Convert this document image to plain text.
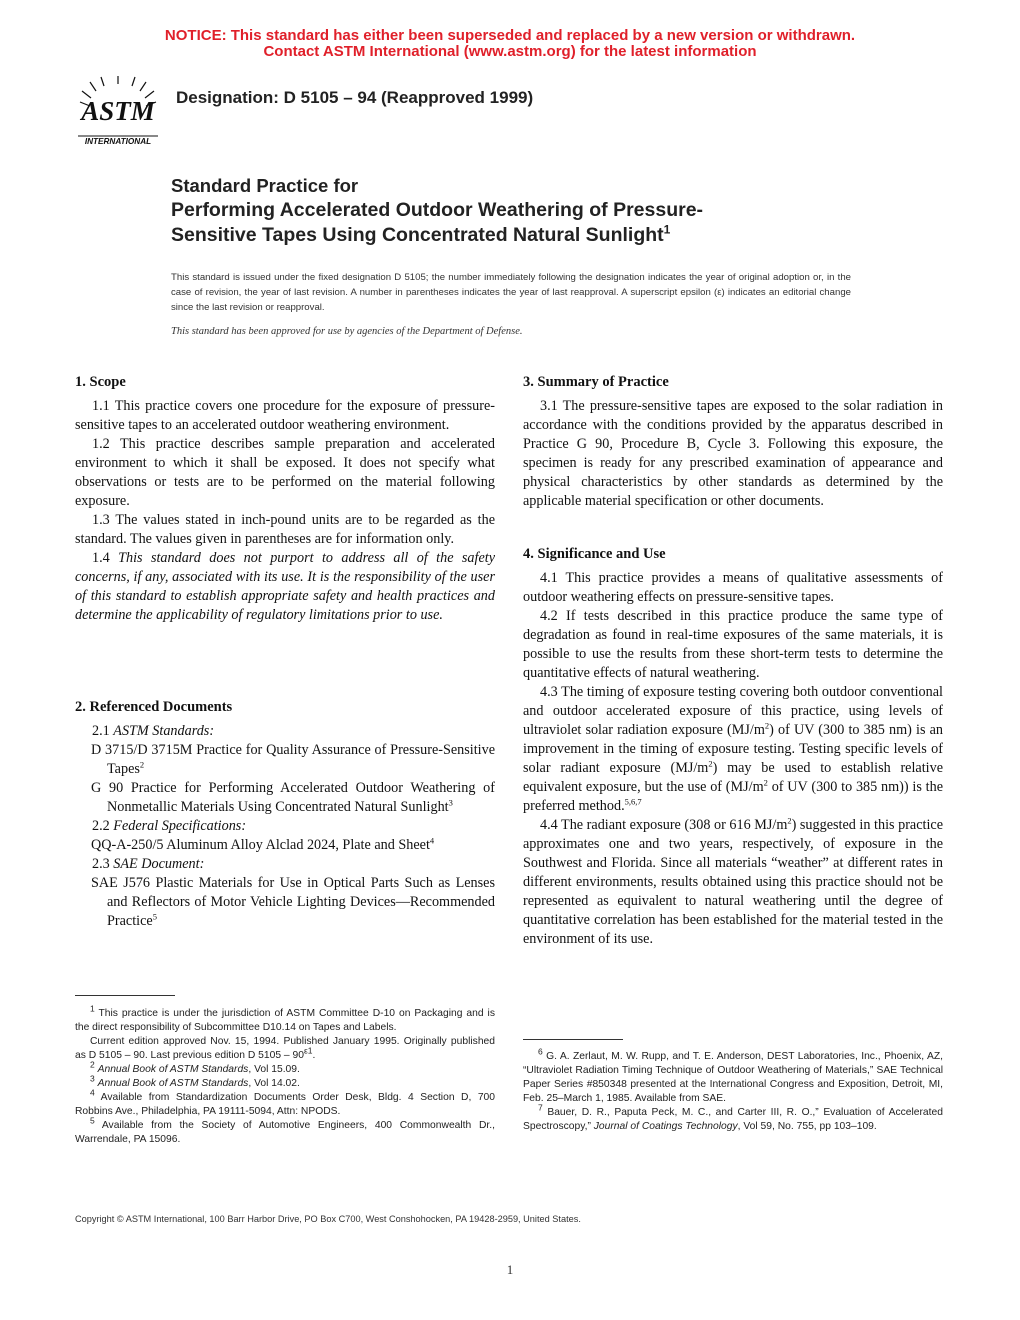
NOTICE: This standard has either been superseded and replaced by a new version or withdrawn.
Contact ASTM International (www.astm.org) for the latest information
ASTM
INTERNATIONAL
Designation: D 5105 – 94 (Reapproved 1999)
Standard Practice for
Performing Accelerated Outdoor Weathering of Pressure-
Sensitive Tapes Using Concentrated Natural Sunlight$^1$
This standard is issued under the fixed designation D 5105; the number immediately following the designation indicates the year of original adoption or, in the case of revision, the year of last revision. A number in parentheses indicates the year of last reapproval. A superscript epsilon (ε) indicates an editorial change since the last revision or reapproval.
This standard has been approved for use by agencies of the Department of Defense.
1. Scope

1.1 This practice covers one procedure for the exposure of pressure-sensitive tapes to an accelerated outdoor weathering environment.

1.2 This practice describes sample preparation and accelerated environment to which it shall be exposed. It does not specify what observations or tests are to be performed on the material following exposure.

1.3 The values stated in inch-pound units are to be regarded as the standard. The values given in parentheses are for information only.

1.4 This standard does not purport to address all of the safety concerns, if any, associated with its use. It is the responsibility of the user of this standard to establish appropriate safety and health practices and determine the applicability of regulatory limitations prior to use.

2. Referenced Documents

2.1 ASTM Standards:

D 3715/D 3715M Practice for Quality Assurance of Pressure-Sensitive Tapes$^2$

G 90 Practice for Performing Accelerated Outdoor Weathering of Nonmetallic Materials Using Concentrated Natural Sunlight$^3$

2.2 Federal Specifications:

QQ-A-250/5 Aluminum Alloy Alclad 2024, Plate and Sheet$^4$

2.3 SAE Document:

SAE J576 Plastic Materials for Use in Optical Parts Such as Lenses and Reflectors of Motor Vehicle Lighting Devices—Recommended Practice$^5$

$^1$ This practice is under the jurisdiction of ASTM Committee D-10 on Packaging and is the direct responsibility of Subcommittee D10.14 on Tapes and Labels.

Current edition approved Nov. 15, 1994. Published January 1995. Originally published as D 5105 – 90. Last previous edition D $5105 - 90^{\varepsilon 1}$.

$^2$ Annual Book of ASTM Standards, Vol 15.09.

$^3$ Annual Book of ASTM Standards, Vol 14.02.

$^4$ Available from Standardization Documents Order Desk, Bldg. 4 Section D, 700 Robbins Ave., Philadelphia, PA 19111-5094, Attn: NPODS.

$^5$ Available from the Society of Automotive Engineers, 400 Commonwealth Dr., Warrendale, PA 15096.

3. Summary of Practice

3.1 The pressure-sensitive tapes are exposed to the solar radiation in accordance with the conditions provided by the apparatus described in Practice G 90, Procedure B, Cycle 3. Following this exposure, the specimen is ready for any prescribed examination of appearance and physical characteristics by other standards as determined by the applicable material specification or other documents.

4. Significance and Use

4.1 This practice provides a means of qualitative assessments of outdoor weathering effects on pressure-sensitive tapes.

4.2 If tests described in this practice produce the same type of degradation as found in real-time exposures of the same materials, it is possible to use the results from these short-term tests to determine the quantitative effects of natural weathering.

4.3 The timing of exposure testing covering both outdoor conventional and outdoor accelerated exposure of this practice, using levels of ultraviolet solar radiation exposure $(MJ/m^2)$ of UV (300 to 385 nm) is an improvement in the timing of exposure testing. Testing specific levels of solar radiant exposure $(MJ/m^2)$ may be used to establish relative equivalent exposure, but the use of ($MJ/m^2$ of UV (300 to 385 nm)) is the preferred method.$^{5,6,7}$

4.4 The radiant exposure (308 or 616 $MJ/m^2$) suggested in this practice approximates one and two years, respectively, of exposure in the Southwest and Florida. Since all materials “weather” at different rates in different environments, results obtained using this practice should not be represented as equivalent to natural weathering until the degree of quantitative correlation has been established for the material tested in the environment of its use.

$^6$ G. A. Zerlaut, M. W. Rupp, and T. E. Anderson, DEST Laboratories, Inc., Phoenix, AZ, “Ultraviolet Radiation Timing Technique of Outdoor Weathering of Materials,” SAE Technical Paper Series #850348 presented at the International Congress and Exposition, Detroit, MI, Feb. 25–March 1, 1985. Available from SAE.

$^7$ Bauer, D. R., Paputa Peck, M. C., and Carter III, R. O.,” Evaluation of Accelerated Spectroscopy,” Journal of Coatings Technology, Vol 59, No. 755, pp 103–109.

Copyright © ASTM International, 100 Barr Harbor Drive, PO Box C700, West Conshohocken, PA 19428-2959, United States.
1
